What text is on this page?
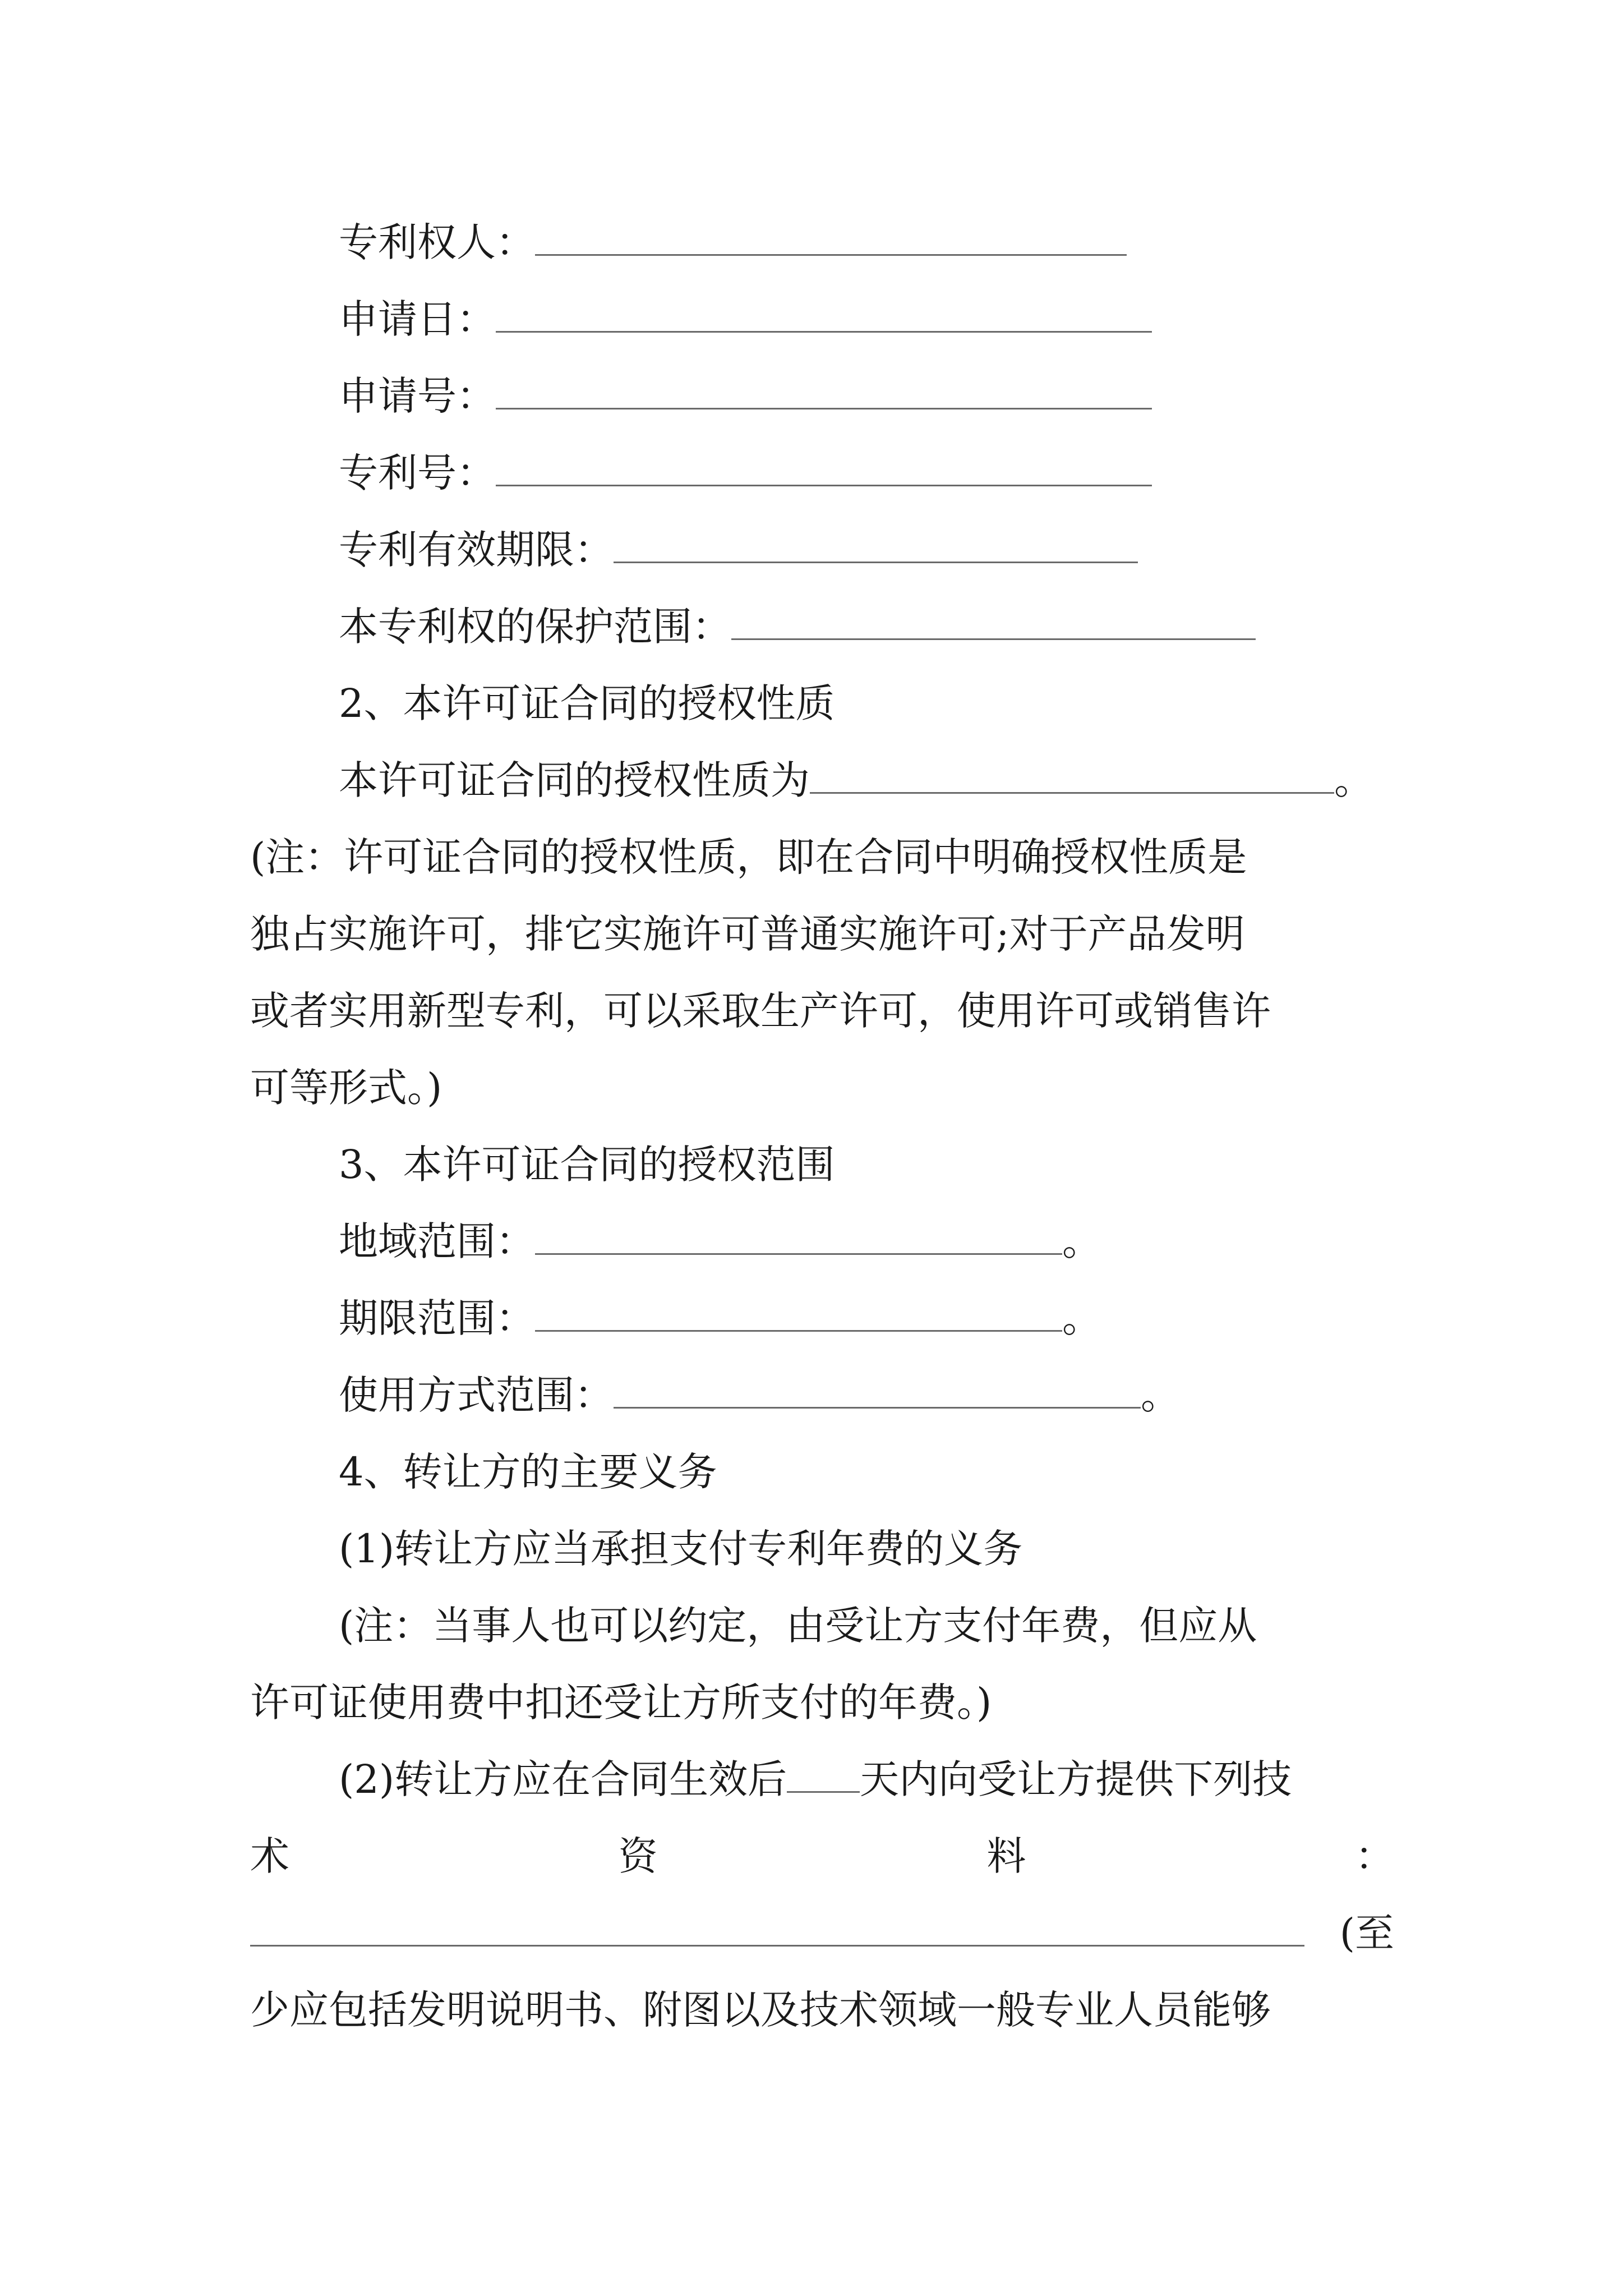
专利权人：
申请日：
申请号：
专利号：
专利有效期限：
本专利权的保护范围：
2、本许可证合同的授权性质
本许可证合同的授权性质为	。
(注：许可证合同的授权性质，即在合同中明确授权性质是
独占实施许可，排它实施许可普通实施许可;对于产品发明
或者实用新型专利，可以采取生产许可，使用许可或销售许
可等形式。)
3、本许可证合同的授权范围
地域范围：	。
期限范围：	。
使用方式范围：	。
4、转让方的主要义务
(1)转让方应当承担支付专利年费的义务
(注：当事人也可以约定，由受让方支付年费，但应从
许可证使用费中扣还受让方所支付的年费。)
(2)转让方应在合同生效后 天内向受让方提供下列技
术	资	料	：
(至
少应包括发明说明书、附图以及技术领域一般专业人员能够
